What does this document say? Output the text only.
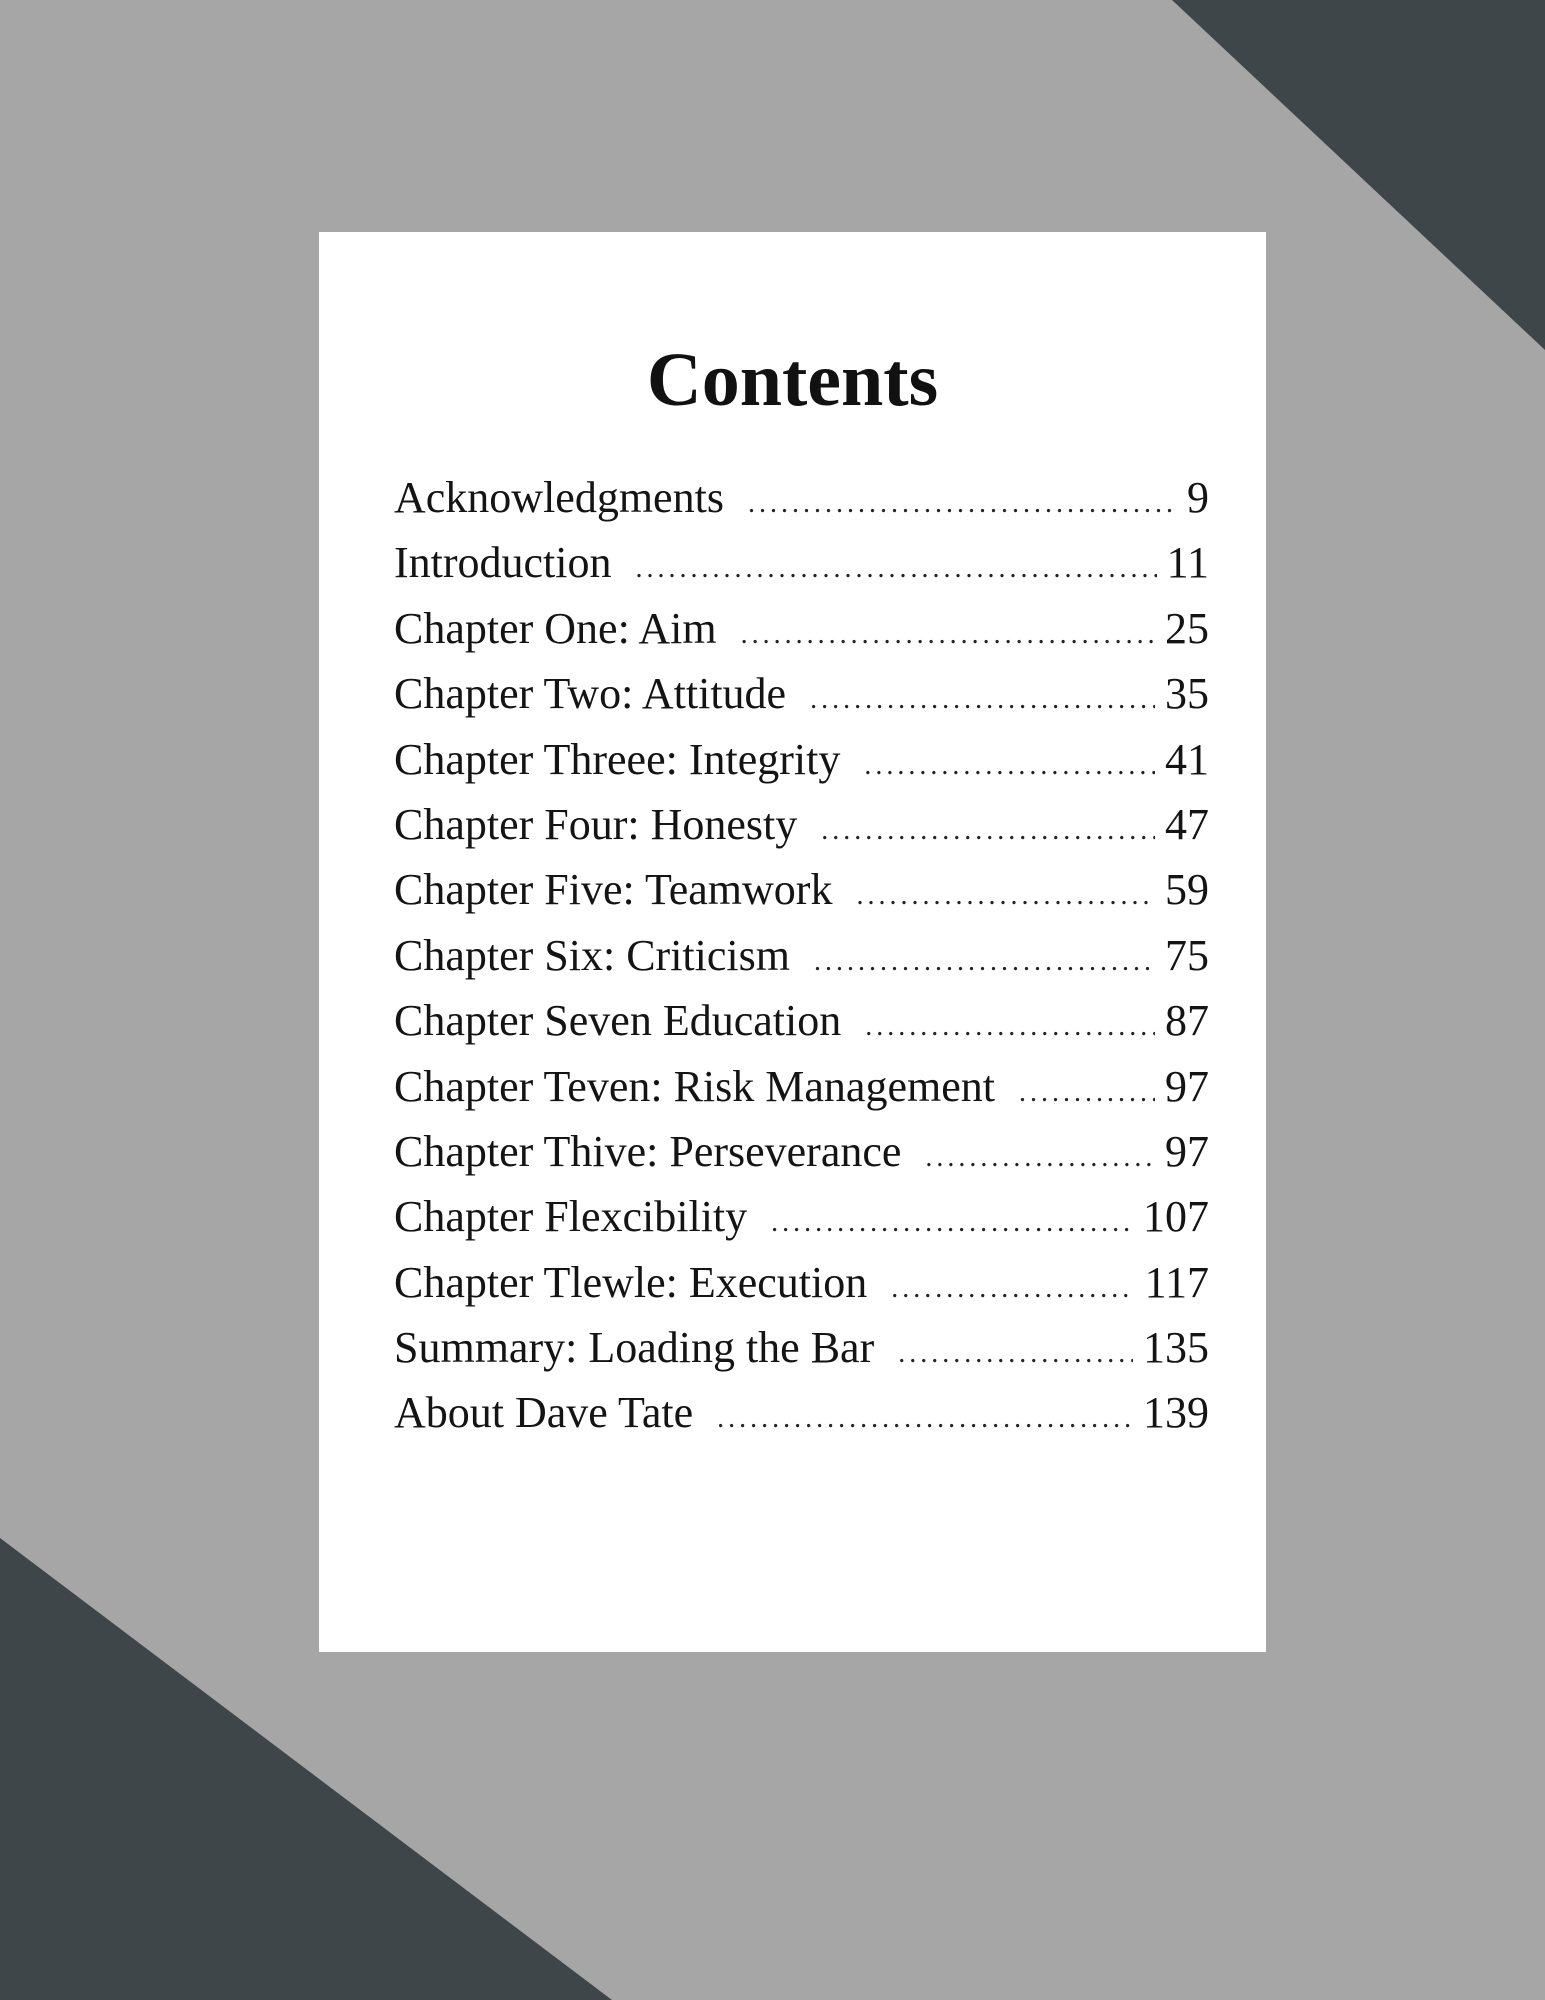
Contents
Acknowledgments .....	9
Introduction .....	11
Chapter One: Aim .....	25
Chapter Two: Attitude .....	35
Chapter Threee: Integrity .....	41
Chapter Four: Honesty .....	47
Chapter Five: Teamwork .....	59
Chapter Six: Criticism .....	75
Chapter Seven Education .....	87
Chapter Teven: Risk Management .....	97
Chapter Thive: Perseverance .....	97
Chapter Flexcibility .....	107
Chapter Tlewle: Execution .....	117
Summary: Loading the Bar .....	135
About Dave Tate .....	139
